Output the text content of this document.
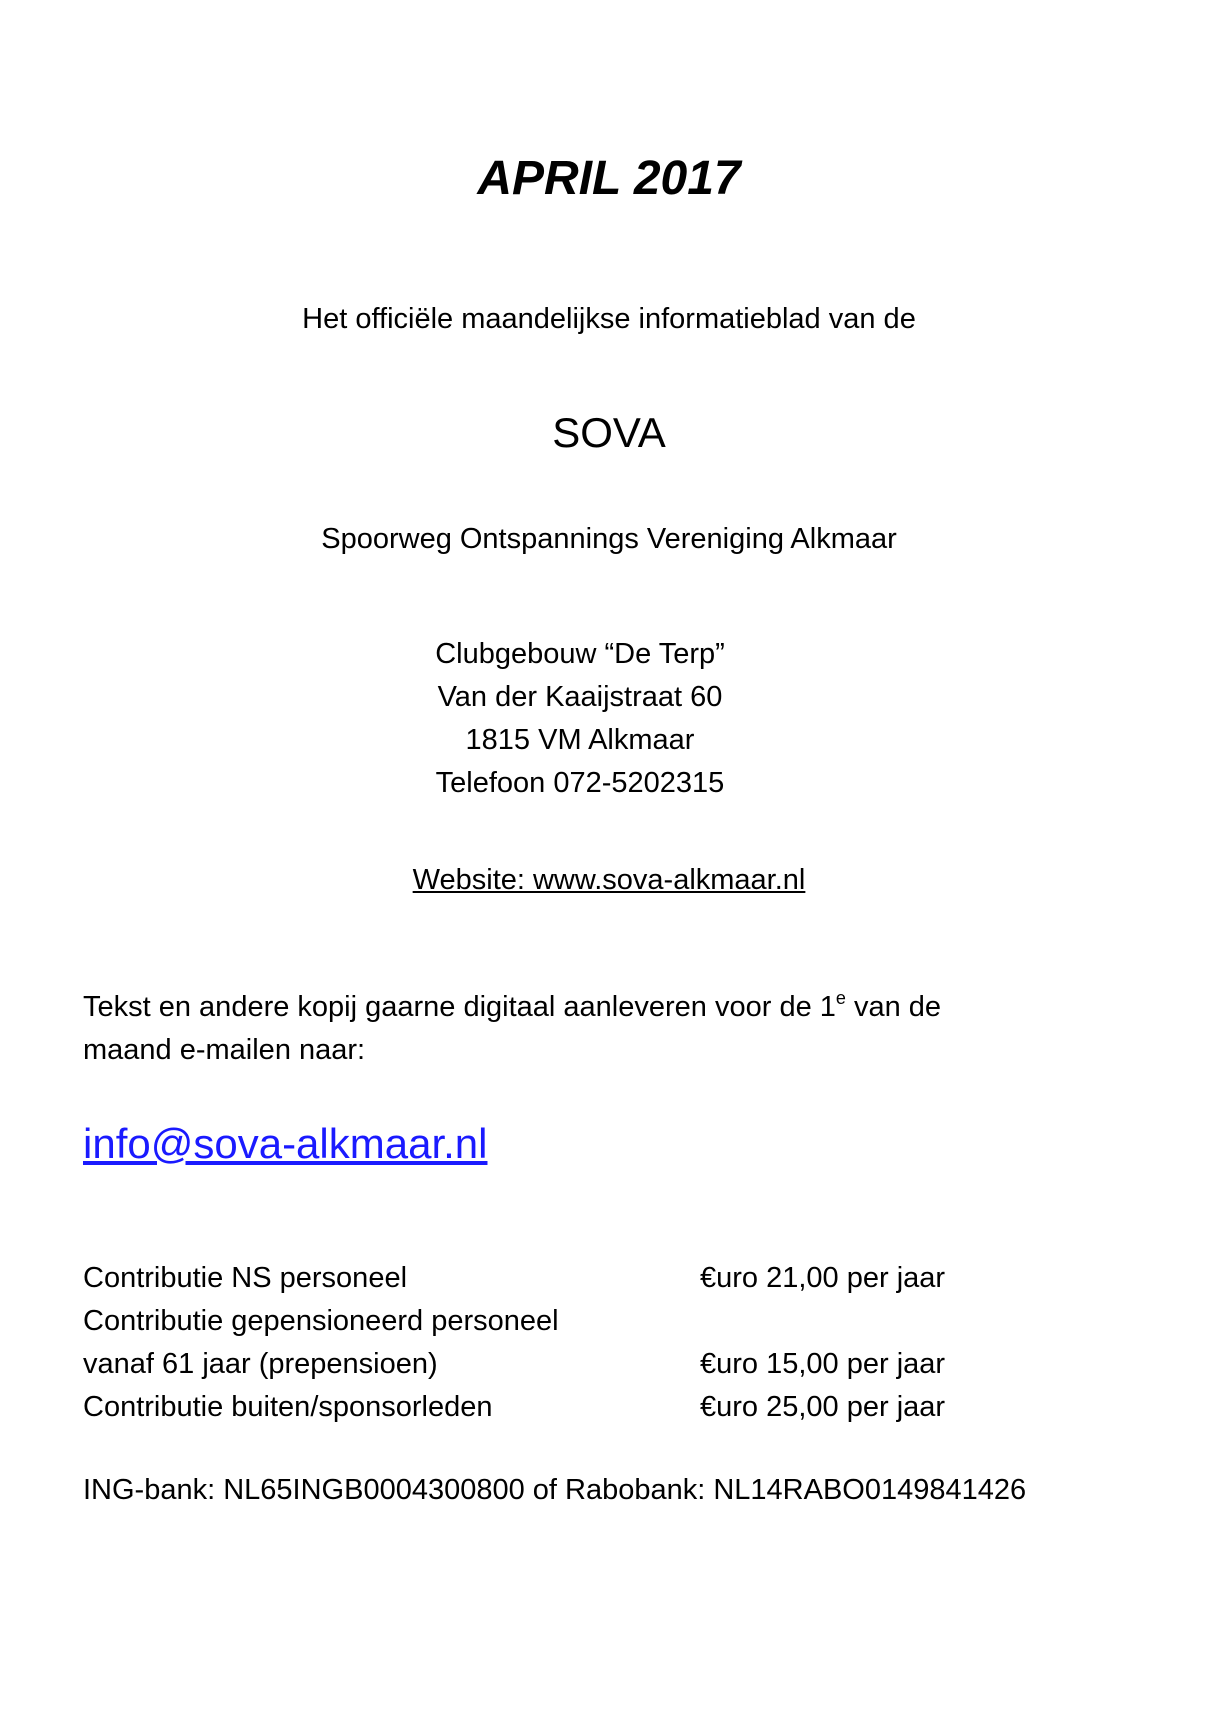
APRIL 2017
Het officiële maandelijkse informatieblad van de
SOVA
Spoorweg Ontspannings Vereniging Alkmaar
Clubgebouw “De Terp”
Van der Kaaijstraat 60
1815 VM Alkmaar
Telefoon 072-5202315
Website: www.sova-alkmaar.nl
Tekst en andere kopij gaarne digitaal aanleveren voor de 1e van de
maand e-mailen naar:
info@sova-alkmaar.nl
Contributie NS personeel	€uro 21,00 per jaar
Contributie gepensioneerd personeel
vanaf 61 jaar (prepensioen)	€uro 15,00 per jaar
Contributie buiten/sponsorleden	€uro 25,00 per jaar
ING-bank: NL65INGB0004300800 of Rabobank: NL14RABO0149841426
